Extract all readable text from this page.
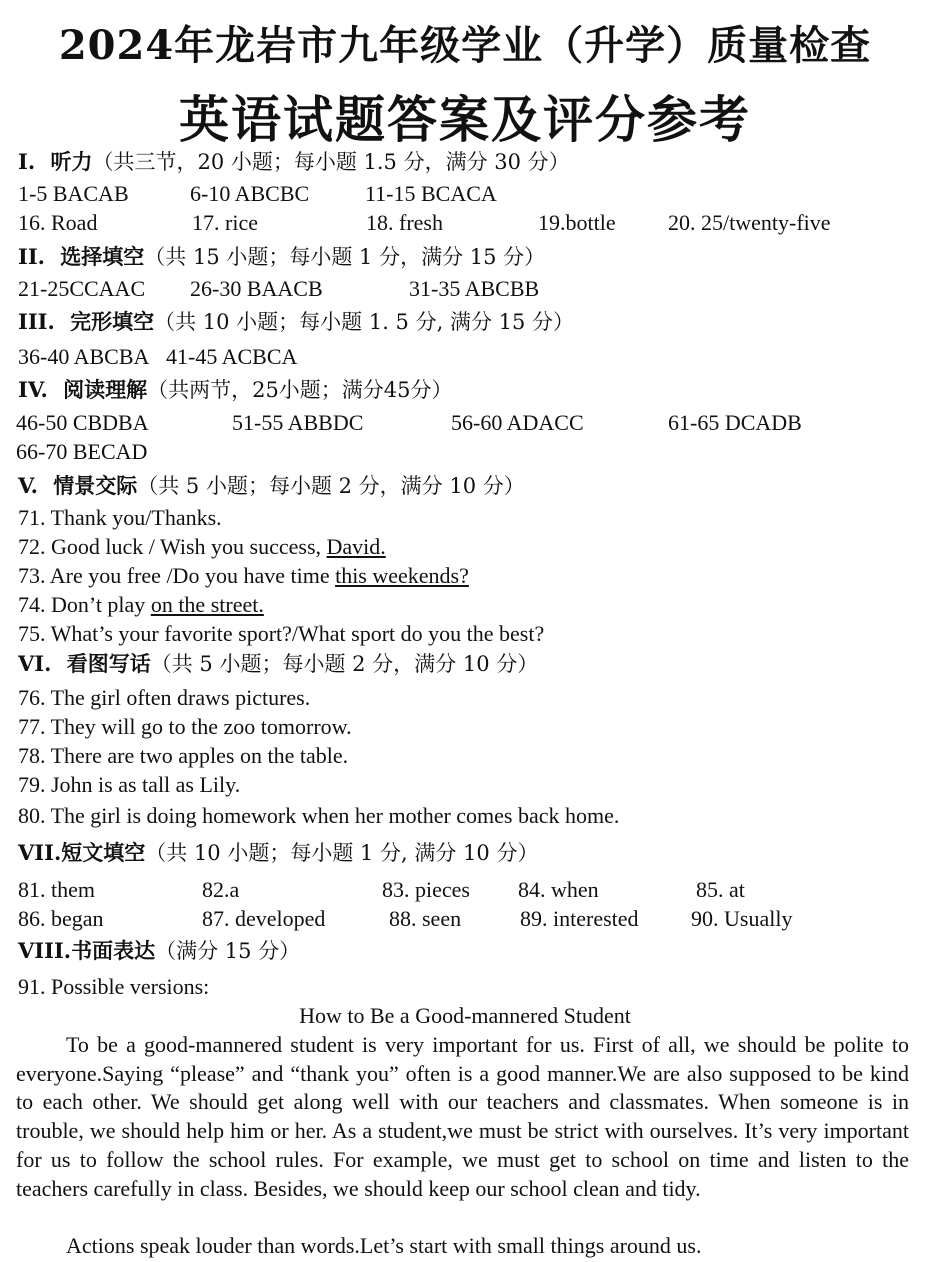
2024年龙岩市九年级学业（升学）质量检查
英语试题答案及评分参考
I. 听力（共三节，20 小题；每小题 1.5 分，满分 30 分）
1-5 BACAB	6-10 ABCBC	11-15 BCACA
16. Road	17. rice	18. fresh	19.bottle 20. 25/twenty-five
II. 选择填空（共 15 小题；每小题 1 分，满分 15 分）
21-25CCAAC 26-30 BAACB	31-35 ABCBB
III. 完形填空（共 10 小题；每小题 1. 5 分, 满分 15 分）
36-40 ABCBA 41-45 ACBCA
IV. 阅读理解（共两节，25小题；满分45分）
46-50 CBDBA	51-55 ABBDC	56-60 ADACC	61-65 DCADB
66-70 BECAD
V. 情景交际（共 5 小题；每小题 2 分，满分 10 分）
71. Thank you/Thanks.
72. Good luck / Wish you success, David.
73. Are you free /Do you have time this weekends?
74. Don’t play on the street.
75. What’s your favorite sport?/What sport do you the best?
VI. 看图写话（共 5 小题；每小题 2 分，满分 10 分）
76. The girl often draws pictures.
77. They will go to the zoo tomorrow.
78. There are two apples on the table.
79. John is as tall as Lily.
80. The girl is doing homework when her mother comes back home.
VII.短文填空（共 10 小题；每小题 1 分, 满分 10 分）
81. them	82.a	83. pieces 84. when	85. at
86. began	87. developed	88. seen	89. interested 90. Usually
VIII.书面表达（满分 15 分）
91. Possible versions:
How to Be a Good-mannered Student
To be a good-mannered student is very important for us. First of all, we should be polite to everyone.Saying “please” and “thank you” often is a good manner.We are also supposed to be kind to each other. We should get along well with our teachers and classmates. When someone is in trouble, we should help him or her. As a student,we must be strict with ourselves. It’s very important for us to follow the school rules. For example, we must get to school on time and listen to the teachers carefully in class. Besides, we should keep our school clean and tidy.
Actions speak louder than words.Let’s start with small things around us.
